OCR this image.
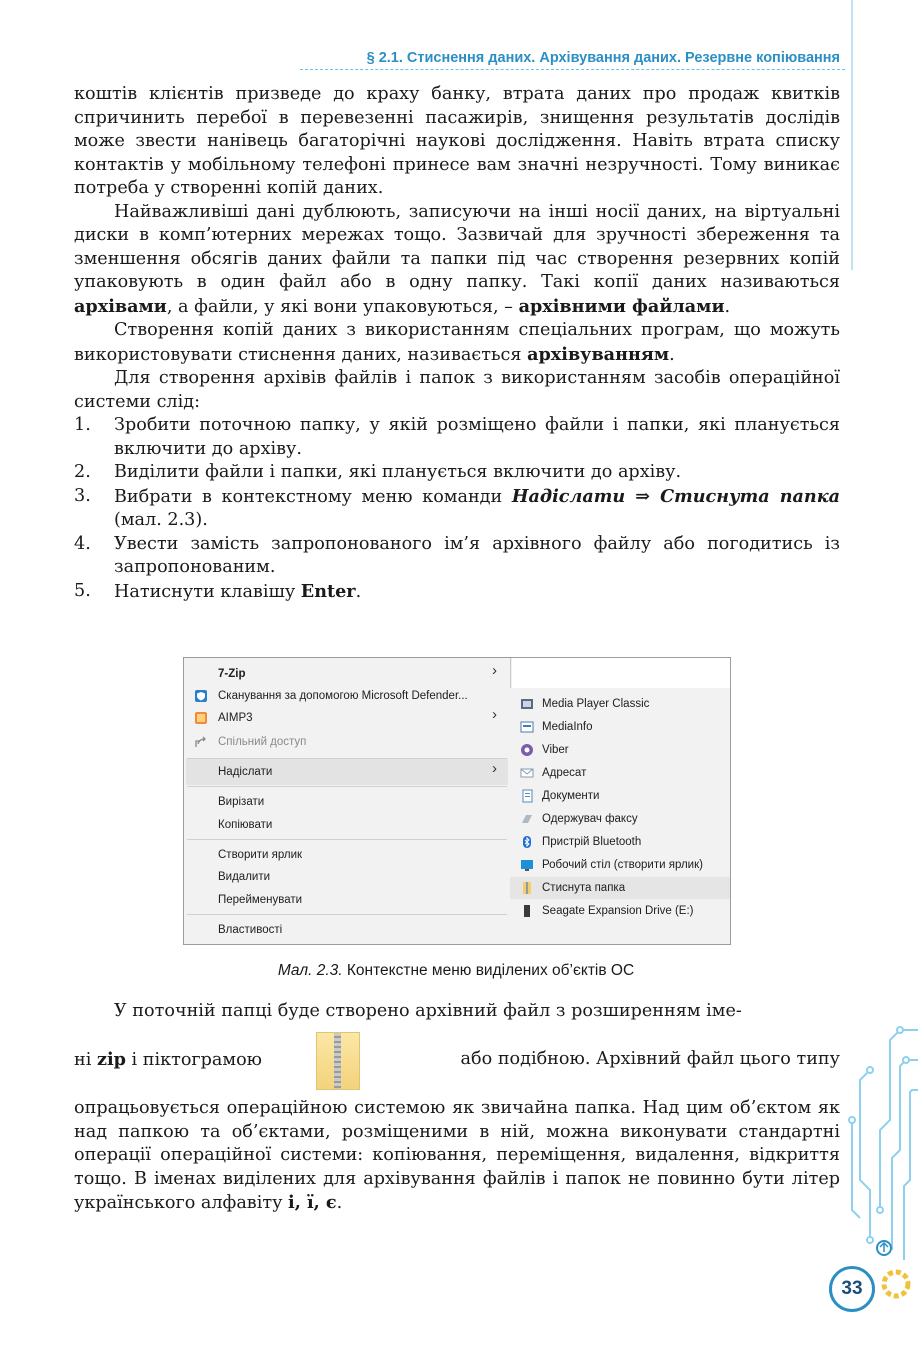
§ 2.1. Стиснення даних. Архівування даних. Резервне копіювання

коштів клієнтів призведе до краху банку, втрата даних про продаж квитків спричинить перебої в перевезенні пасажирів, знищення результатів дослідів може звести нанівець багаторічні наукові дослідження. Навіть втрата списку контактів у мобільному телефоні принесе вам значні незручності. Тому виникає потреба у створенні копій даних.

Найважливіші дані дублюють, записуючи на інші носії даних, на віртуальні диски в комп’ютерних мережах тощо. Зазвичай для зручності збереження та зменшення обсягів даних файли та папки під час створення резервних копій упаковують в один файл або в одну папку. Такі копії даних називаються архівами, а файли, у які вони упаковуються, – архівними файлами.

Створення копій даних з використанням спеціальних програм, що можуть використовувати стиснення даних, називається архівуванням.

Для створення архівів файлів і папок з використанням засобів операційної системи слід:

1. Зробити поточною папку, у якій розміщено файли і папки, які планується включити до архіву.
2. Виділити файли і папки, які планується включити до архіву.
3. Вибрати в контекстному меню команди Надіслати ⇒ Стиснута папка (мал. 2.3).
4. Увести замість запропонованого ім’я архівного файлу або погодитись із запропонованим.
5. Натиснути клавішу Enter.
7-Zip	›
Сканування за допомогою Microsoft Defender...
AIMP3	›
Спільний доступ
Надіслати	›
Вирізати
Копіювати
Створити ярлик
Видалити
Перейменувати
Властивості
Media Player Classic
MediaInfo
Viber
Адресат
Документи
Одержувач факсу
Пристрій Bluetooth
Робочий стіл (створити ярлик)
Стиснута папка
Seagate Expansion Drive (E:)
Мал. 2.3. Контекстне меню виділених об’єктів ОС
У поточній папці буде створено архівний файл з розширенням іме-
ні zip і піктограмою	або подібною. Архівний файл цього типу
опрацьовується операційною системою як звичайна папка. Над цим об’єктом як над папкою та об’єктами, розміщеними в ній, можна виконувати стандартні операції операційної системи: копіювання, переміщення, видалення, відкриття тощо. В іменах виділених для архівування файлів і папок не повинно бути літер українського алфавіту і, ї, є.
33
